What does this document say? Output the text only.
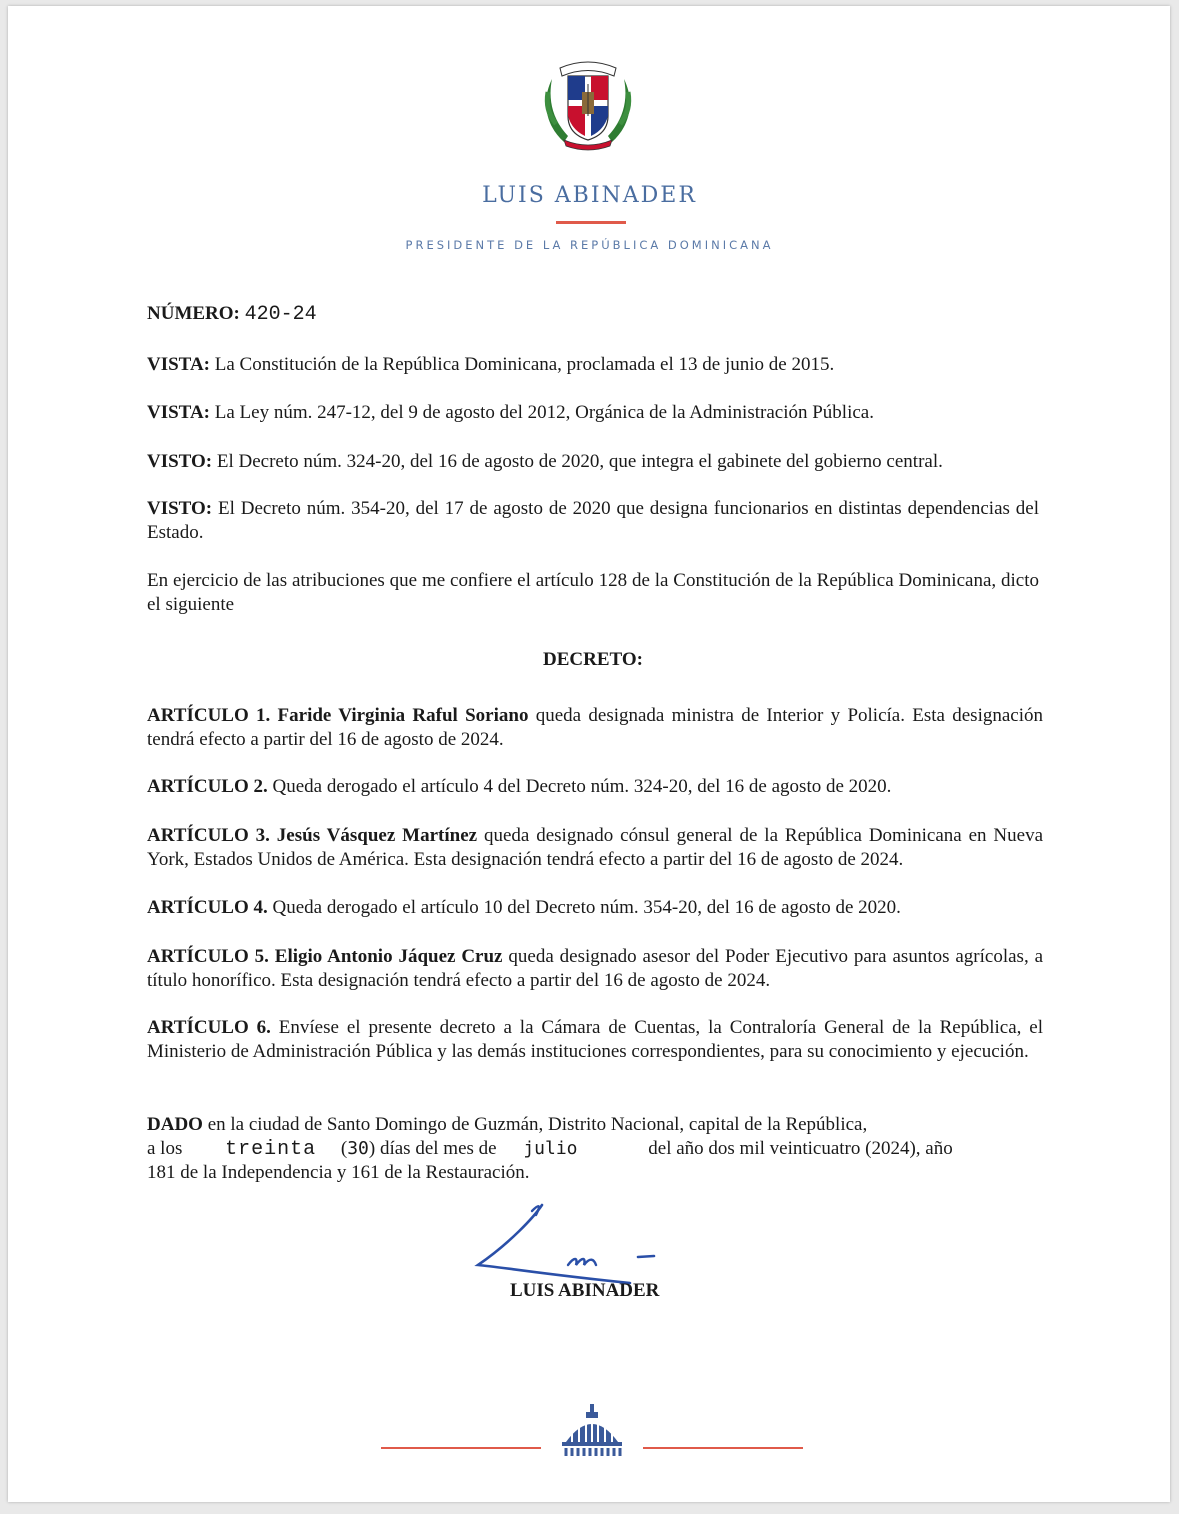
LUIS ABINADER
PRESIDENTE DE LA REPÚBLICA DOMINICANA
NÚMERO: 420-24
VISTA: La Constitución de la República Dominicana, proclamada el 13 de junio de 2015.
VISTA: La Ley núm. 247-12, del 9 de agosto del 2012, Orgánica de la Administración Pública.
VISTO: El Decreto núm. 324-20, del 16 de agosto de 2020, que integra el gabinete del gobierno central.
VISTO: El Decreto núm. 354-20, del 17 de agosto de 2020 que designa funcionarios en distintas dependencias del Estado.
En ejercicio de las atribuciones que me confiere el artículo 128 de la Constitución de la República Dominicana, dicto el siguiente
DECRETO:
ARTÍCULO 1. Faride Virginia Raful Soriano queda designada ministra de Interior y Policía. Esta designación tendrá efecto a partir del 16 de agosto de 2024.
ARTÍCULO 2. Queda derogado el artículo 4 del Decreto núm. 324-20, del 16 de agosto de 2020.
ARTÍCULO 3. Jesús Vásquez Martínez queda designado cónsul general de la República Dominicana en Nueva York, Estados Unidos de América. Esta designación tendrá efecto a partir del 16 de agosto de 2024.
ARTÍCULO 4. Queda derogado el artículo 10 del Decreto núm. 354-20, del 16 de agosto de 2020.
ARTÍCULO 5. Eligio Antonio Jáquez Cruz queda designado asesor del Poder Ejecutivo para asuntos agrícolas, a título honorífico. Esta designación tendrá efecto a partir del 16 de agosto de 2024.
ARTÍCULO 6. Envíese el presente decreto a la Cámara de Cuentas, la Contraloría General de la República, el Ministerio de Administración Pública y las demás instituciones correspondientes, para su conocimiento y ejecución.
DADO en la ciudad de Santo Domingo de Guzmán, Distrito Nacional, capital de la República,
a los treinta (30) días del mes de julio	del año dos mil veinticuatro (2024), año
181 de la Independencia y 161 de la Restauración.
LUIS ABINADER
